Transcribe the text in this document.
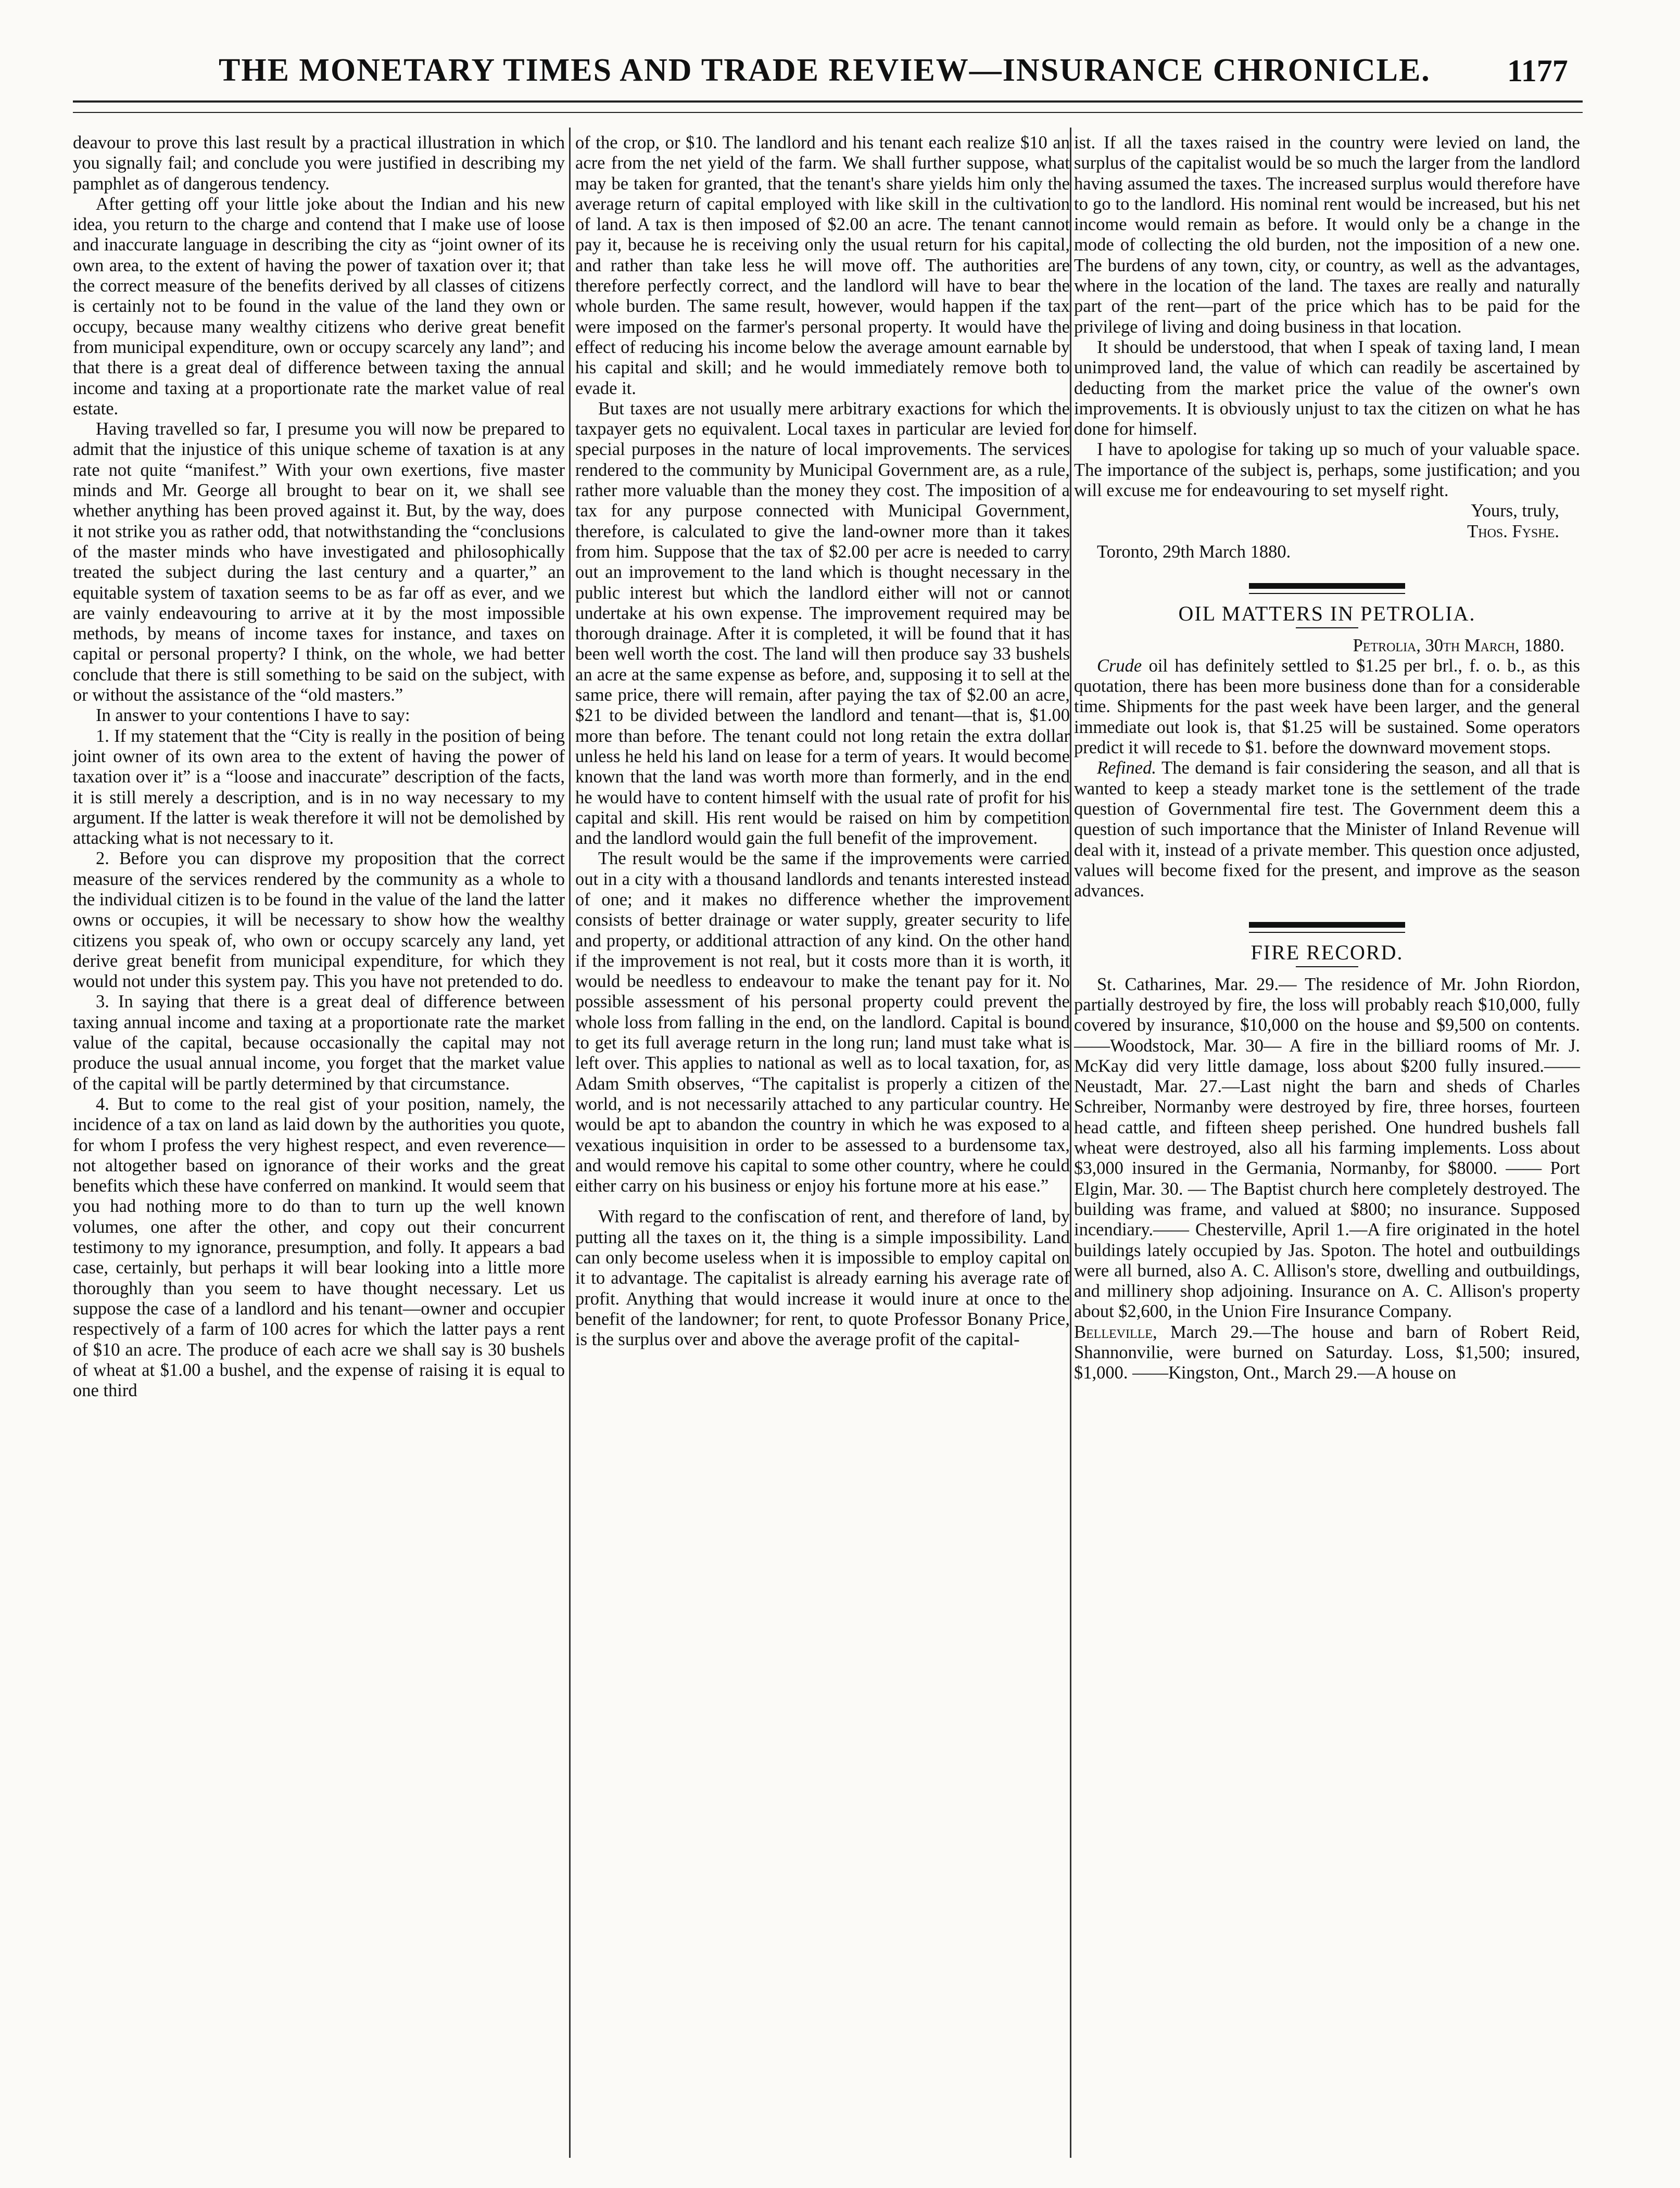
THE MONETARY TIMES AND TRADE REVIEW—INSURANCE CHRONICLE. 1177

deavour to prove this last result by a practical illustration in which you signally fail; and conclude you were justified in describing my pamphlet as of dangerous tendency.

After getting off your little joke about the Indian and his new idea, you return to the charge and contend that I make use of loose and inaccurate language in describing the city as “joint owner of its own area, to the extent of having the power of taxation over it; that the correct measure of the benefits derived by all classes of citizens is certainly not to be found in the value of the land they own or occupy, because many wealthy citizens who derive great benefit from municipal expenditure, own or occupy scarcely any land”; and that there is a great deal of difference between taxing the annual income and taxing at a proportionate rate the market value of real estate.

Having travelled so far, I presume you will now be prepared to admit that the injustice of this unique scheme of taxation is at any rate not quite “manifest.” With your own exertions, five master minds and Mr. George all brought to bear on it, we shall see whether anything has been proved against it. But, by the way, does it not strike you as rather odd, that notwithstanding the “conclusions of the master minds who have investigated and philosophically treated the subject during the last century and a quarter,” an equitable system of taxation seems to be as far off as ever, and we are vainly endeavouring to arrive at it by the most impossible methods, by means of income taxes for instance, and taxes on capital or personal property? I think, on the whole, we had better conclude that there is still something to be said on the subject, with or without the assistance of the “old masters.”

In answer to your contentions I have to say:

1. If my statement that the “City is really in the position of being joint owner of its own area to the extent of having the power of taxation over it” is a “loose and inaccurate” description of the facts, it is still merely a description, and is in no way necessary to my argument. If the latter is weak therefore it will not be demolished by attacking what is not necessary to it.

2. Before you can disprove my proposition that the correct measure of the services rendered by the community as a whole to the individual citizen is to be found in the value of the land the latter owns or occupies, it will be necessary to show how the wealthy citizens you speak of, who own or occupy scarcely any land, yet derive great benefit from municipal expenditure, for which they would not under this system pay. This you have not pretended to do.

3. In saying that there is a great deal of difference between taxing annual income and taxing at a proportionate rate the market value of the capital, because occasionally the capital may not produce the usual annual income, you forget that the market value of the capital will be partly determined by that circumstance.

4. But to come to the real gist of your position, namely, the incidence of a tax on land as laid down by the authorities you quote, for whom I profess the very highest respect, and even reverence—not altogether based on ignorance of their works and the great benefits which these have conferred on mankind. It would seem that you had nothing more to do than to turn up the well known volumes, one after the other, and copy out their concurrent testimony to my ignorance, presumption, and folly. It appears a bad case, certainly, but perhaps it will bear looking into a little more thoroughly than you seem to have thought necessary. Let us suppose the case of a landlord and his tenant—owner and occupier respectively of a farm of 100 acres for which the latter pays a rent of $10 an acre. The produce of each acre we shall say is 30 bushels of wheat at $1.00 a bushel, and the expense of raising it is equal to one third

of the crop, or $10. The landlord and his tenant each realize $10 an acre from the net yield of the farm. We shall further suppose, what may be taken for granted, that the tenant's share yields him only the average return of capital employed with like skill in the cultivation of land. A tax is then imposed of $2.00 an acre. The tenant cannot pay it, because he is receiving only the usual return for his capital, and rather than take less he will move off. The authorities are therefore perfectly correct, and the landlord will have to bear the whole burden. The same result, however, would happen if the tax were imposed on the farmer's personal property. It would have the effect of reducing his income below the average amount earnable by his capital and skill; and he would immediately remove both to evade it.

But taxes are not usually mere arbitrary exactions for which the taxpayer gets no equivalent. Local taxes in particular are levied for special purposes in the nature of local improvements. The services rendered to the community by Municipal Government are, as a rule, rather more valuable than the money they cost. The imposition of a tax for any purpose connected with Municipal Government, therefore, is calculated to give the land-owner more than it takes from him. Suppose that the tax of $2.00 per acre is needed to carry out an improvement to the land which is thought necessary in the public interest but which the landlord either will not or cannot undertake at his own expense. The improvement required may be thorough drainage. After it is completed, it will be found that it has been well worth the cost. The land will then produce say 33 bushels an acre at the same expense as before, and, supposing it to sell at the same price, there will remain, after paying the tax of $2.00 an acre, $21 to be divided between the landlord and tenant—that is, $1.00 more than before. The tenant could not long retain the extra dollar unless he held his land on lease for a term of years. It would become known that the land was worth more than formerly, and in the end he would have to content himself with the usual rate of profit for his capital and skill. His rent would be raised on him by competition and the landlord would gain the full benefit of the improvement.

The result would be the same if the improvements were carried out in a city with a thousand landlords and tenants interested instead of one; and it makes no difference whether the improvement consists of better drainage or water supply, greater security to life and property, or additional attraction of any kind. On the other hand if the improvement is not real, but it costs more than it is worth, it would be needless to endeavour to make the tenant pay for it. No possible assessment of his personal property could prevent the whole loss from falling in the end, on the landlord. Capital is bound to get its full average return in the long run; land must take what is left over. This applies to national as well as to local taxation, for, as Adam Smith observes, “The capitalist is properly a citizen of the world, and is not necessarily attached to any particular country. He would be apt to abandon the country in which he was exposed to a vexatious inquisition in order to be assessed to a burdensome tax, and would remove his capital to some other country, where he could either carry on his business or enjoy his fortune more at his ease.”

With regard to the confiscation of rent, and therefore of land, by putting all the taxes on it, the thing is a simple impossibility. Land can only become useless when it is impossible to employ capital on it to advantage. The capitalist is already earning his average rate of profit. Anything that would increase it would inure at once to the benefit of the landowner; for rent, to quote Professor Bonany Price, is the surplus over and above the average profit of the capital-

ist. If all the taxes raised in the country were levied on land, the surplus of the capitalist would be so much the larger from the landlord having assumed the taxes. The increased surplus would therefore have to go to the landlord. His nominal rent would be increased, but his net income would remain as before. It would only be a change in the mode of collecting the old burden, not the imposition of a new one. The burdens of any town, city, or country, as well as the advantages, where in the location of the land. The taxes are really and naturally part of the rent—part of the price which has to be paid for the privilege of living and doing business in that location.

It should be understood, that when I speak of taxing land, I mean unimproved land, the value of which can readily be ascertained by deducting from the market price the value of the owner's own improvements. It is obviously unjust to tax the citizen on what he has done for himself.

I have to apologise for taking up so much of your valuable space. The importance of the subject is, perhaps, some justification; and you will excuse me for endeavouring to set myself right.

Yours, truly,

Thos. Fyshe.

Toronto, 29th March 1880.

OIL MATTERS IN PETROLIA.

Petrolia, 30th March, 1880.

Crude oil has definitely settled to $1.25 per brl., f. o. b., as this quotation, there has been more business done than for a considerable time. Shipments for the past week have been larger, and the general immediate out look is, that $1.25 will be sustained. Some operators predict it will recede to $1. before the downward movement stops.

Refined. The demand is fair considering the season, and all that is wanted to keep a steady market tone is the settlement of the trade question of Governmental fire test. The Government deem this a question of such importance that the Minister of Inland Revenue will deal with it, instead of a private member. This question once adjusted, values will become fixed for the present, and improve as the season advances.

FIRE RECORD.

St. Catharines, Mar. 29.— The residence of Mr. John Riordon, partially destroyed by fire, the loss will probably reach $10,000, fully covered by insurance, $10,000 on the house and $9,500 on contents.——Woodstock, Mar. 30— A fire in the billiard rooms of Mr. J. McKay did very little damage, loss about $200 fully insured.——Neustadt, Mar. 27.—Last night the barn and sheds of Charles Schreiber, Normanby were destroyed by fire, three horses, fourteen head cattle, and fifteen sheep perished. One hundred bushels fall wheat were destroyed, also all his farming implements. Loss about $3,000 insured in the Germania, Normanby, for $8000. —— Port Elgin, Mar. 30. — The Baptist church here completely destroyed. The building was frame, and valued at $800; no insurance. Supposed incendiary.—— Chesterville, April 1.—A fire originated in the hotel buildings lately occupied by Jas. Spoton. The hotel and outbuildings were all burned, also A. C. Allison's store, dwelling and outbuildings, and millinery shop adjoining. Insurance on A. C. Allison's property about $2,600, in the Union Fire Insurance Company.

Belleville, March 29.—The house and barn of Robert Reid, Shannonvilie, were burned on Saturday. Loss, $1,500; insured, $1,000. ——Kingston, Ont., March 29.—A house on
